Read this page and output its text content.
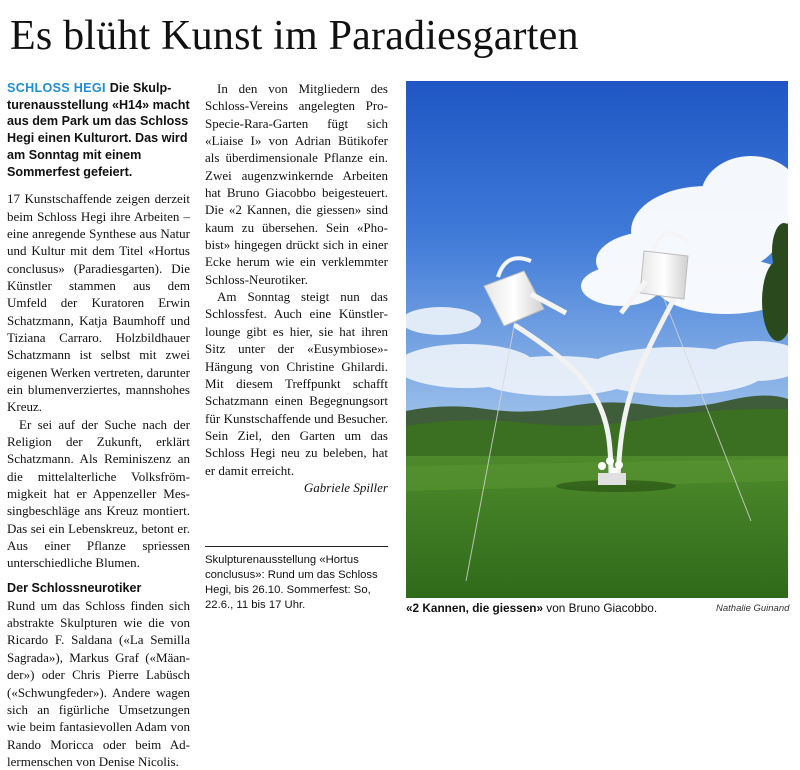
Es blüht Kunst im Paradiesgarten

SCHLOSS HEGI Die Skulpturenausstellung «H14» macht aus dem Park um das Schloss Hegi einen Kulturort. Das wird am Sonntag mit einem Sommerfest gefeiert.

17 Kunstschaffende zeigen derzeit beim Schloss Hegi ihre Arbeiten – eine anregende Synthese aus Natur und Kultur mit dem Titel «Hortus conclusus» (Paradiesgarten). Die Künstler stammen aus dem Umfeld der Kuratoren Erwin Schatzmann, Katja Baumhoff und Tiziana Carraro. Holzbildhauer Schatzmann ist selbst mit zwei eigenen Werken vertreten, darunter ein blumenverziertes, mannshohes Kreuz.

Er sei auf der Suche nach der Religion der Zukunft, erklärt Schatzmann. Als Reminiszenz an die mittelalterliche Volksfrömmigkeit hat er Appenzeller Messingbeschläge ans Kreuz montiert. Das sei ein Lebenskreuz, betont er. Aus einer Pflanze spriessen unterschiedliche Blumen.

Der Schlossneurotiker

Rund um das Schloss finden sich abstrakte Skulpturen wie die von Ricardo F. Saldana («La Semilla Sagrada»), Markus Graf («Mäander») oder Chris Pierre Labüsch («Schwungfeder»). Andere wagen sich an figürliche Umsetzungen wie beim fantasievollen Adam von Rando Moricca oder beim Adlermenschen von Denise Nicolis.

In den von Mitgliedern des Schloss-Vereins angelegten ProSpecie-Rara-Garten fügt sich «Liaise I» von Adrian Bütikofer als überdimensionale Pflanze ein. Zwei augenzwinkernde Arbeiten hat Bruno Giacobbo beigesteuert. Die «2 Kannen, die giessen» sind kaum zu übersehen. Sein «Phobist» hingegen drückt sich in einer Ecke herum wie ein verklemmter Schloss-Neurotiker.

Am Sonntag steigt nun das Schlossfest. Auch eine Künstlerlounge gibt es hier, sie hat ihren Sitz unter der «Eusymbiose»-Hängung von Christine Ghilardi. Mit diesem Treffpunkt schafft Schatzmann einen Begegnungsort für Kunstschaffende und Besucher. Sein Ziel, den Garten um das Schloss Hegi neu zu beleben, hat er damit erreicht.

Gabriele Spiller

Skulpturenausstellung «Hortus conclusus»: Rund um das Schloss Hegi, bis 26.10. Sommerfest: So, 22.6., 11 bis 17 Uhr.	«2 Kannen, die giessen» von Bruno Giacobbo.	Nathalie Guinand
